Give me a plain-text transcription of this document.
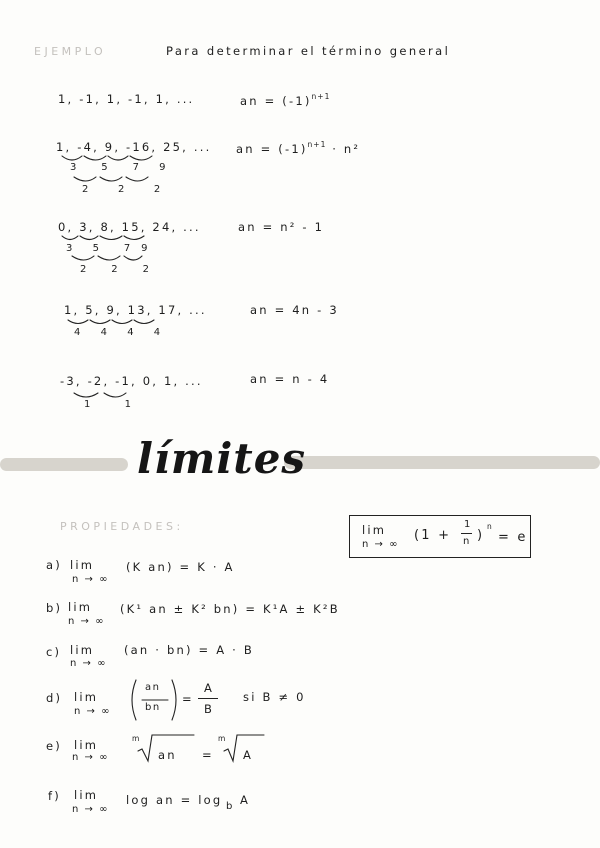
EJEMPLO	Para determinar el término general
1, -1, 1, -1, 1, ...	an = $(-1)^{n+1}$
1, -4, 9, -16, 25, ... an = $(-1)^{n+1} \cdot n^2$
3 5 7 9
2	2	2
0, 3, 8, 15, 24, ...	an = n² - 1
3 5 7 9
2 2 2
1, 5, 9, 13, 17, ...	an = 4n - 3
4 4 4 4
-3, -2, -1, 0, 1, ...	an = n - 4
1	1
límites
PROPIEDADES:	lim
n → ∞
(1 +
1
n )
n
= e
a) lim
n → ∞
(K an) = K · A
b) lim
n → ∞
(K¹ an ± K² bn) = K¹A ± K²B
c) lim
n → ∞
(an · bn) = A · B
d) lim
n → ∞
an
bn
=
A
B
si B ≠ 0
e) lim
n → ∞
m
an =
m
A
f) lim
n → ∞
log an = log b A
